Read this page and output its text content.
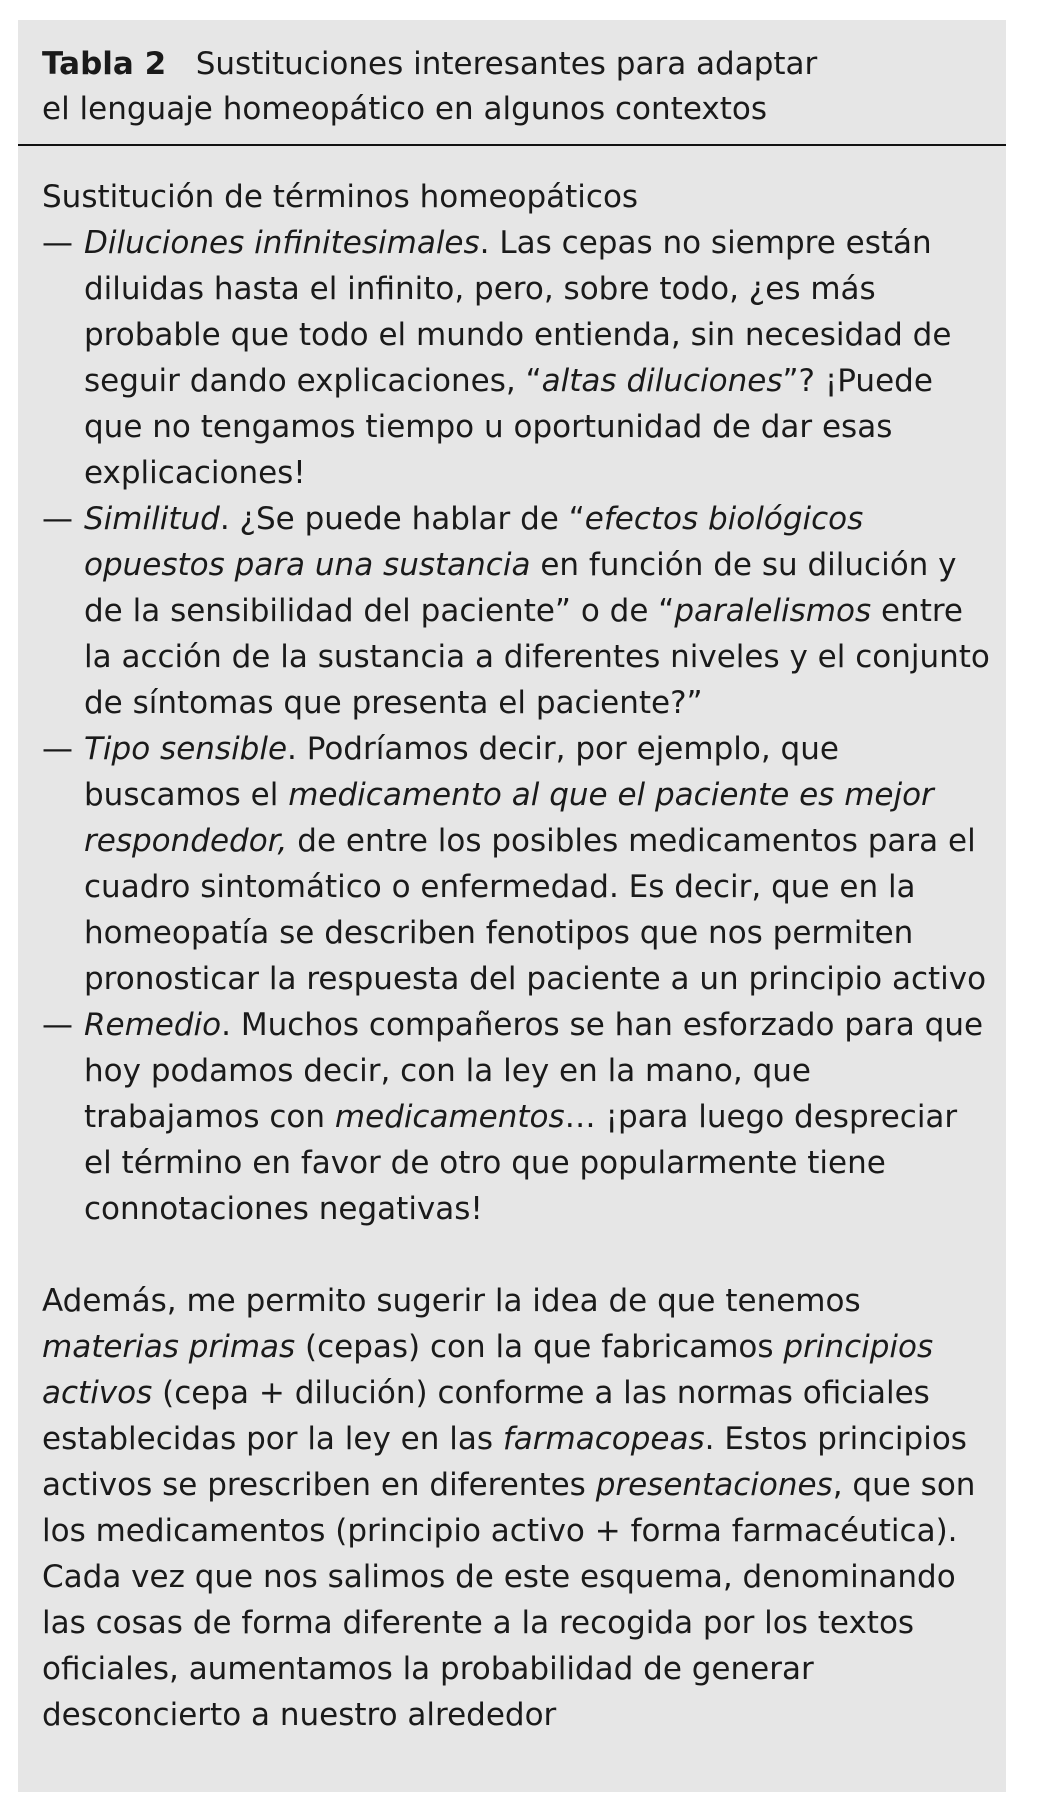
Tabla 2 Sustituciones interesantes para adaptar
el lenguaje homeopático en algunos contextos

Sustitución de términos homeopáticos

— Diluciones infinitesimales. Las cepas no siempre están diluidas hasta el infinito, pero, sobre todo, ¿es más probable que todo el mundo entienda, sin necesidad de seguir dando explicaciones, “altas diluciones”? ¡Puede que no tengamos tiempo u oportunidad de dar esas explicaciones!
— Similitud. ¿Se puede hablar de “efectos biológicos opuestos para una sustancia en función de su dilución y de la sensibilidad del paciente” o de “paralelismos entre la acción de la sustancia a diferentes niveles y el conjunto de síntomas que presenta el paciente?”
— Tipo sensible. Podríamos decir, por ejemplo, que buscamos el medicamento al que el paciente es mejor respondedor, de entre los posibles medicamentos para el cuadro sintomático o enfermedad. Es decir, que en la homeopatía se describen fenotipos que nos permiten pronosticar la respuesta del paciente a un principio activo
— Remedio. Muchos compañeros se han esforzado para que hoy podamos decir, con la ley en la mano, que trabajamos con medicamentos… ¡para luego despreciar el término en favor de otro que popularmente tiene connotaciones negativas!

Además, me permito sugerir la idea de que tenemos materias primas (cepas) con la que fabricamos principios activos (cepa + dilución) conforme a las normas oficiales establecidas por la ley en las farmacopeas. Estos principios activos se prescriben en diferentes presentaciones, que son los medicamentos (principio activo + forma farmacéutica). Cada vez que nos salimos de este esquema, denominando las cosas de forma diferente a la recogida por los textos oficiales, aumentamos la probabilidad de generar desconcierto a nuestro alrededor
